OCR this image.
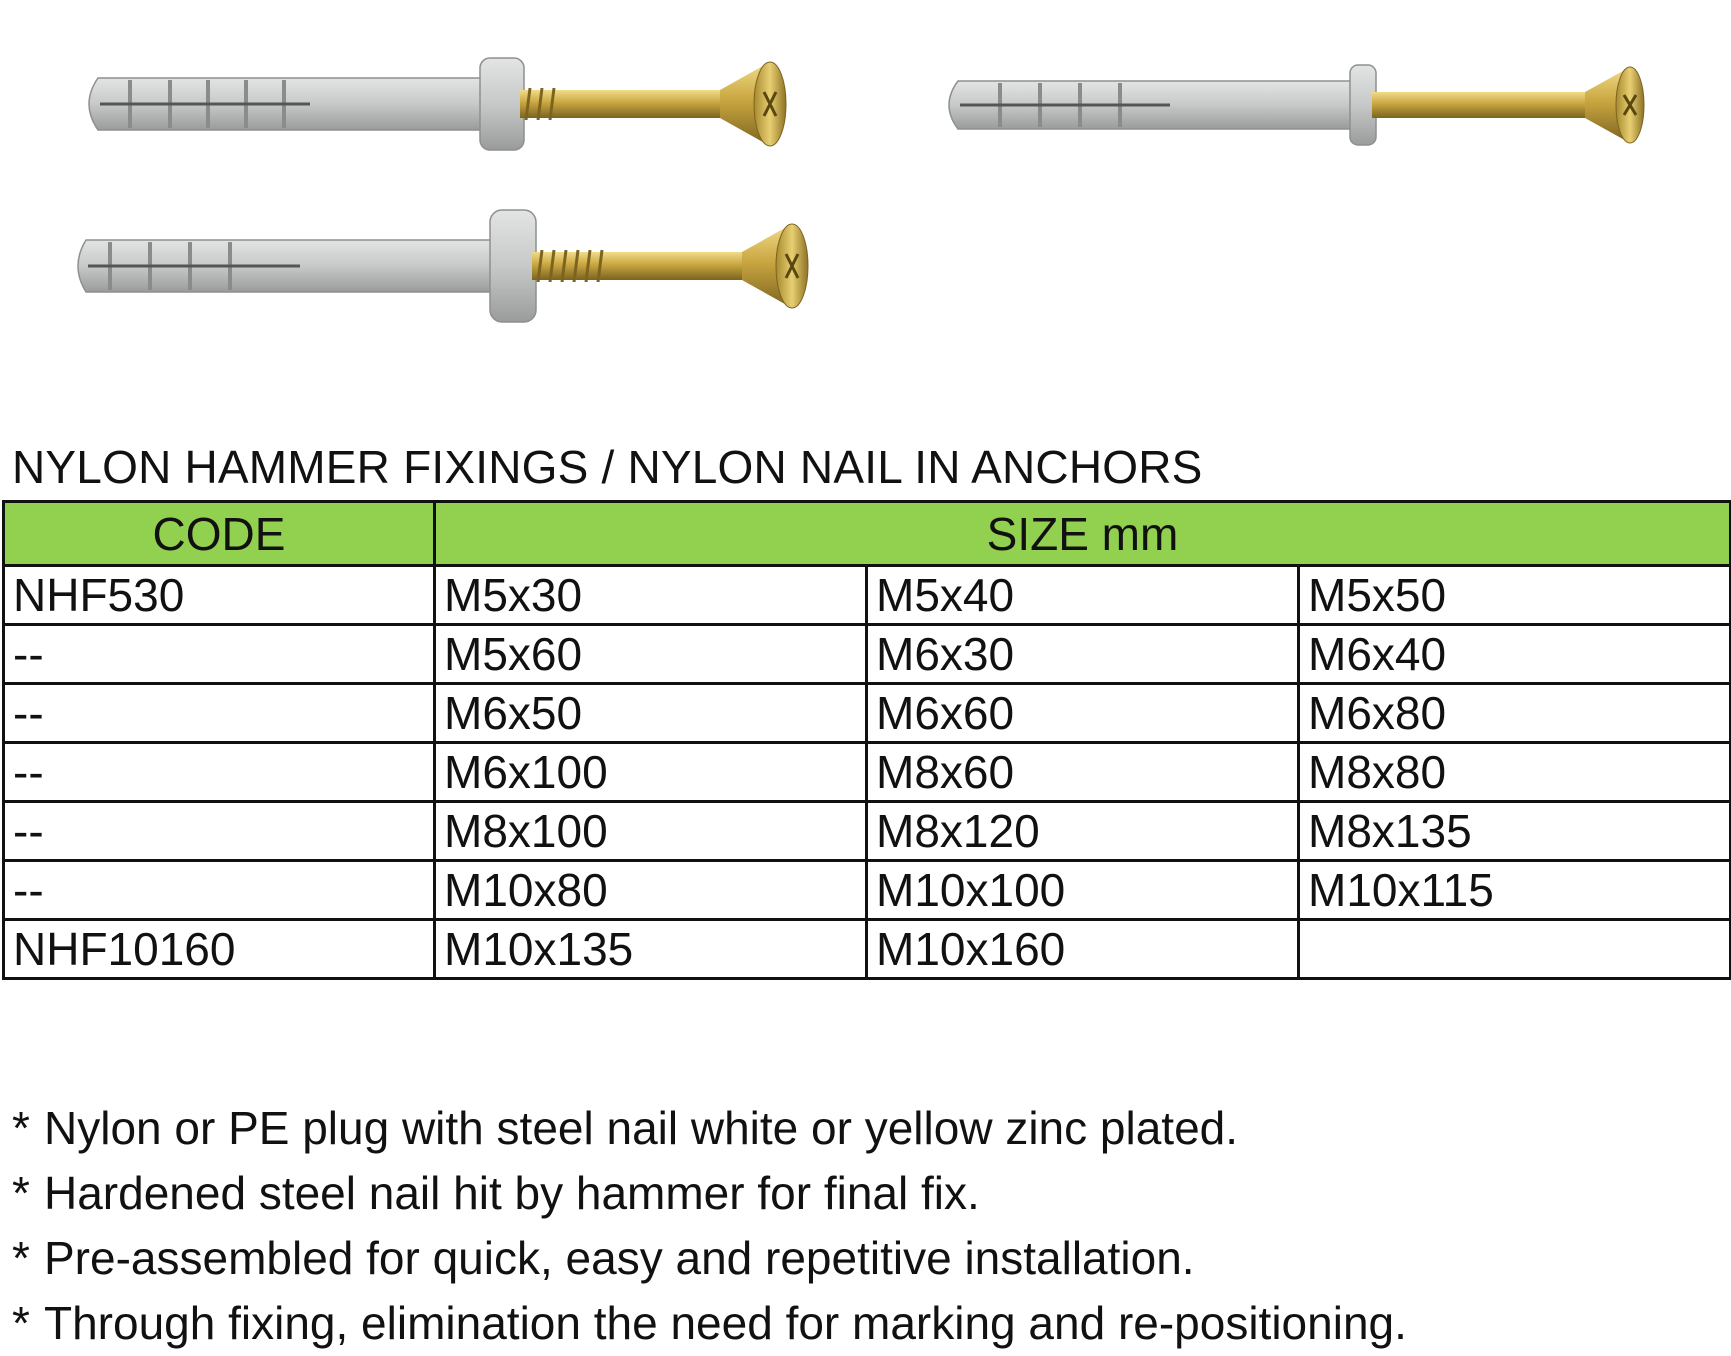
NYLON HAMMER FIXINGS / NYLON NAIL IN ANCHORS
CODE	SIZE mm		
NHF530	M5x30	M5x40	M5x50
--	M5x60	M6x30	M6x40
--	M6x50	M6x60	M6x80
--	M6x100	M8x60	M8x80
--	M8x100	M8x120	M8x135
--	M10x80	M10x100	M10x115
NHF10160	M10x135	M10x160	
* Nylon or PE plug with steel nail white or yellow zinc plated.
* Hardened steel nail hit by hammer for final fix.
* Pre-assembled for quick, easy and repetitive installation.
* Through fixing, elimination the need for marking and re-positioning.
